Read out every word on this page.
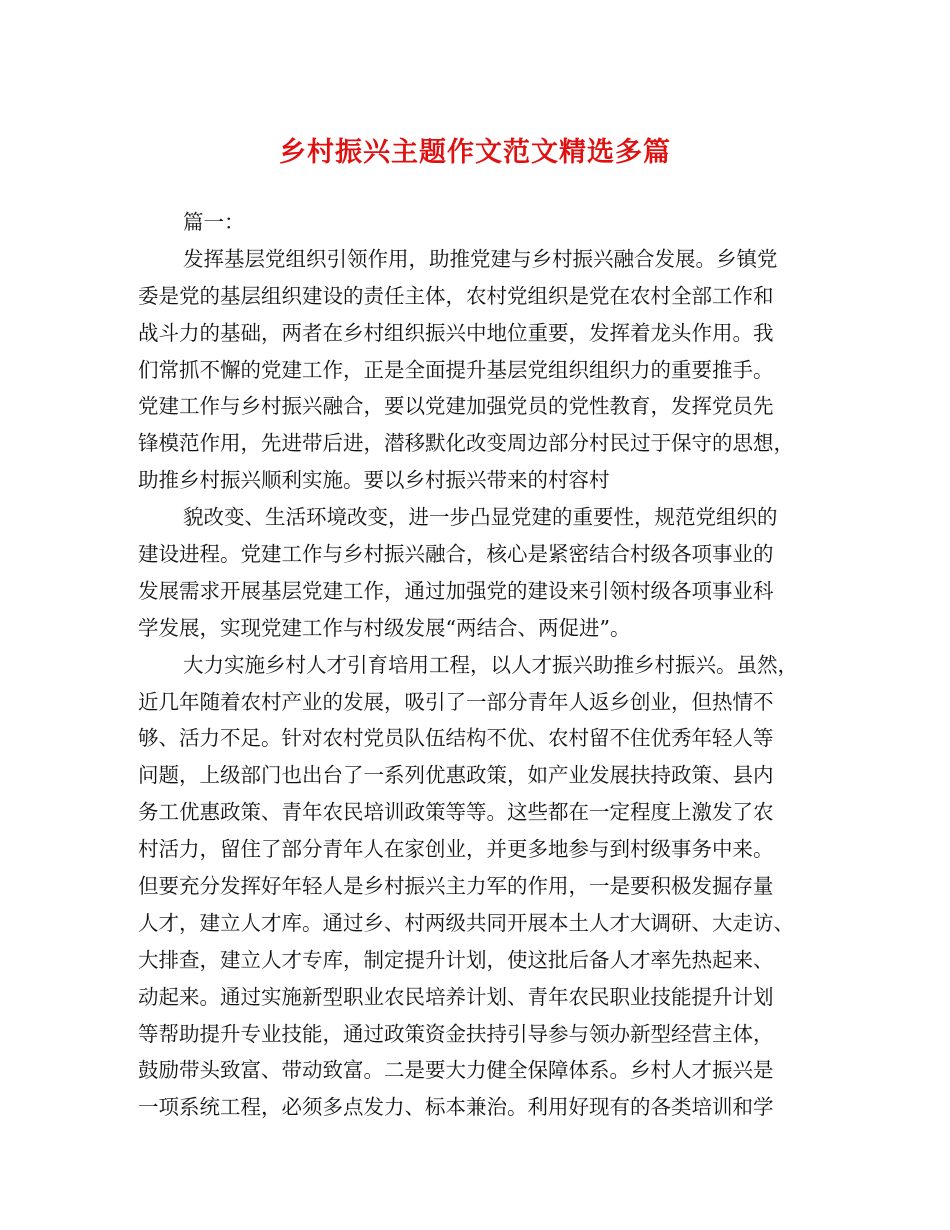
乡村振兴主题作文范文精选多篇
篇一：
发挥基层党组织引领作用，助推党建与乡村振兴融合发展。乡镇党
委是党的基层组织建设的责任主体，农村党组织是党在农村全部工作和
战斗力的基础，两者在乡村组织振兴中地位重要，发挥着龙头作用。我
们常抓不懈的党建工作，正是全面提升基层党组织组织力的重要推手。
党建工作与乡村振兴融合，要以党建加强党员的党性教育，发挥党员先
锋模范作用，先进带后进，潜移默化改变周边部分村民过于保守的思想，
助推乡村振兴顺利实施。要以乡村振兴带来的村容村
貌改变、生活环境改变，进一步凸显党建的重要性，规范党组织的
建设进程。党建工作与乡村振兴融合，核心是紧密结合村级各项事业的
发展需求开展基层党建工作，通过加强党的建设来引领村级各项事业科
学发展，实现党建工作与村级发展“两结合、两促进”。
大力实施乡村人才引育培用工程，以人才振兴助推乡村振兴。虽然，
近几年随着农村产业的发展，吸引了一部分青年人返乡创业，但热情不
够、活力不足。针对农村党员队伍结构不优、农村留不住优秀年轻人等
问题，上级部门也出台了一系列优惠政策，如产业发展扶持政策、县内
务工优惠政策、青年农民培训政策等等。这些都在一定程度上激发了农
村活力，留住了部分青年人在家创业，并更多地参与到村级事务中来。
但要充分发挥好年轻人是乡村振兴主力军的作用，一是要积极发掘存量
人才，建立人才库。通过乡、村两级共同开展本土人才大调研、大走访、
大排查，建立人才专库，制定提升计划，使这批后备人才率先热起来、
动起来。通过实施新型职业农民培养计划、青年农民职业技能提升计划
等帮助提升专业技能，通过政策资金扶持引导参与领办新型经营主体，
鼓励带头致富、带动致富。二是要大力健全保障体系。乡村人才振兴是
一项系统工程，必须多点发力、标本兼治。利用好现有的各类培训和学
